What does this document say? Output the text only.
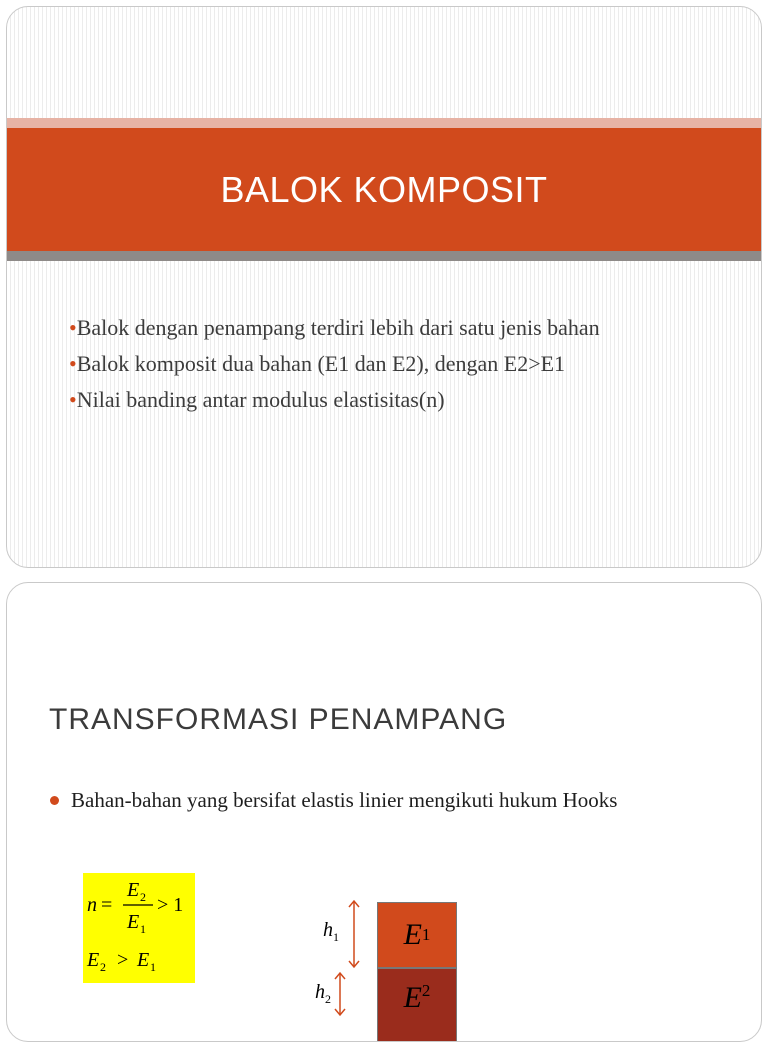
BALOK KOMPOSIT
•Balok dengan penampang terdiri lebih dari satu jenis bahan
•Balok komposit dua bahan (E1 dan E2), dengan E2>E1
•Nilai banding antar modulus elastisitas(n)
TRANSFORMASI PENAMPANG
Bahan-bahan yang bersifat elastis linier mengikuti hukum Hooks
n =
E 2
E 1
> 1
E 2 > E 1
$h_1$
$h_2$
E 1
$E^2$
